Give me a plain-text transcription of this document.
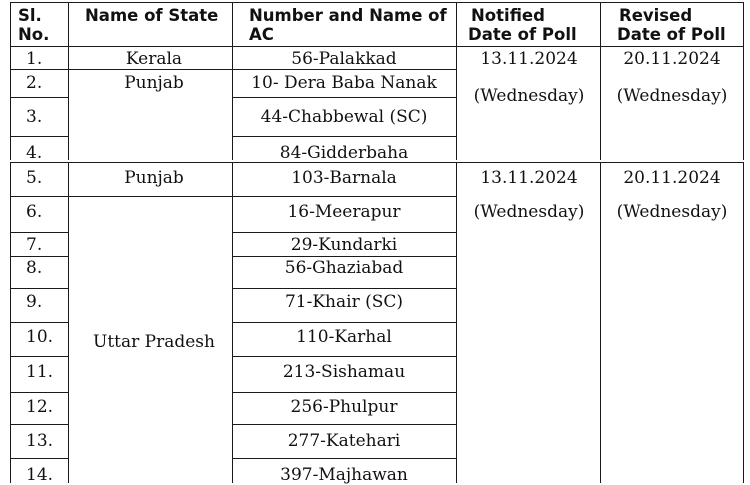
Sl.
No.
Name of State Number and Name of
AC
Notified
Date of Poll
Revised
Date of Poll
1.
2.
3.
4.
Kerala
Punjab
56-Palakkad
10- Dera Baba Nanak
44-Chabbewal (SC)
84-Gidderbaha
13.11.2024
(Wednesday)
20.11.2024
(Wednesday)
5.
6.
7.
8.
9.
10.
11.
12.
13.
14.
Punjab
Uttar Pradesh
103-Barnala
16-Meerapur
29-Kundarki
56-Ghaziabad
71-Khair (SC)
110-Karhal
213-Sishamau
256-Phulpur
277-Katehari
397-Majhawan
13.11.2024
(Wednesday)
20.11.2024
(Wednesday)
